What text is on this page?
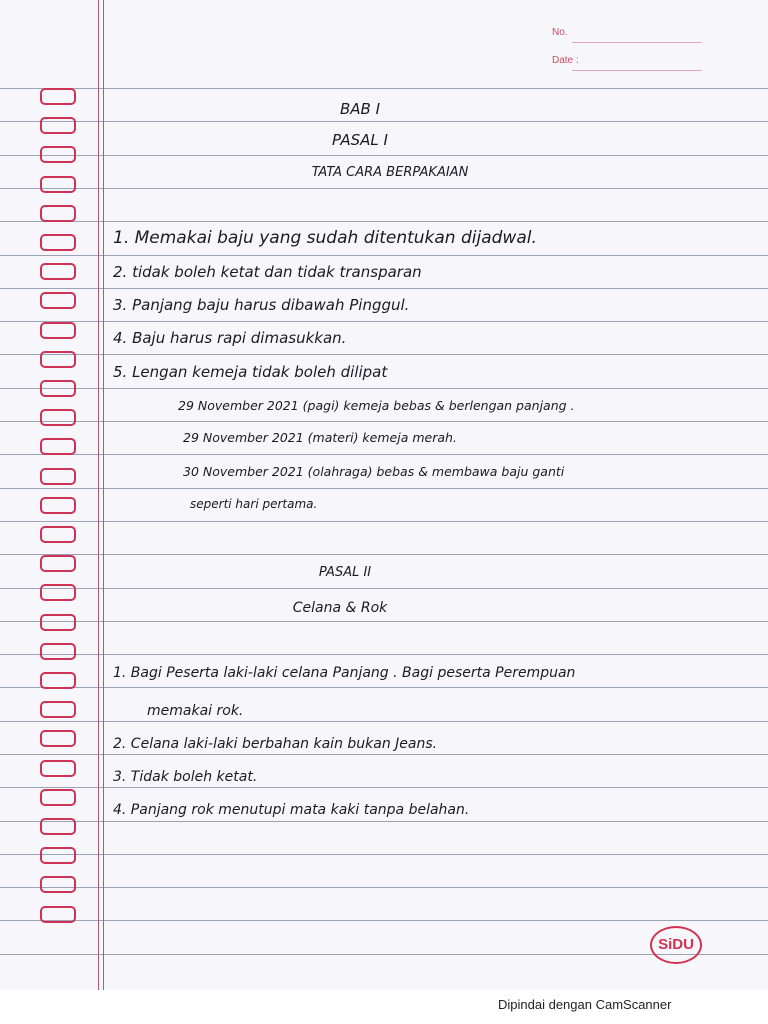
No.
Date :
BAB I
PASAL I
TATA CARA BERPAKAIAN
1. Memakai baju yang sudah ditentukan dijadwal.
2. tidak boleh ketat dan tidak transparan
3. Panjang baju harus dibawah Pinggul.
4. Baju harus rapi dimasukkan.
5. Lengan kemeja tidak boleh dilipat
29 November 2021 (pagi) kemeja bebas & berlengan panjang .
29 November 2021 (materi) kemeja merah.
30 November 2021 (olahraga) bebas & membawa baju ganti
seperti hari pertama.
PASAL II
Celana & Rok
1. Bagi Peserta laki-laki celana Panjang . Bagi peserta Perempuan
memakai rok.
2. Celana laki-laki berbahan kain bukan Jeans.
3. Tidak boleh ketat.
4. Panjang rok menutupi mata kaki tanpa belahan.
SiDU
Dipindai dengan CamScanner
